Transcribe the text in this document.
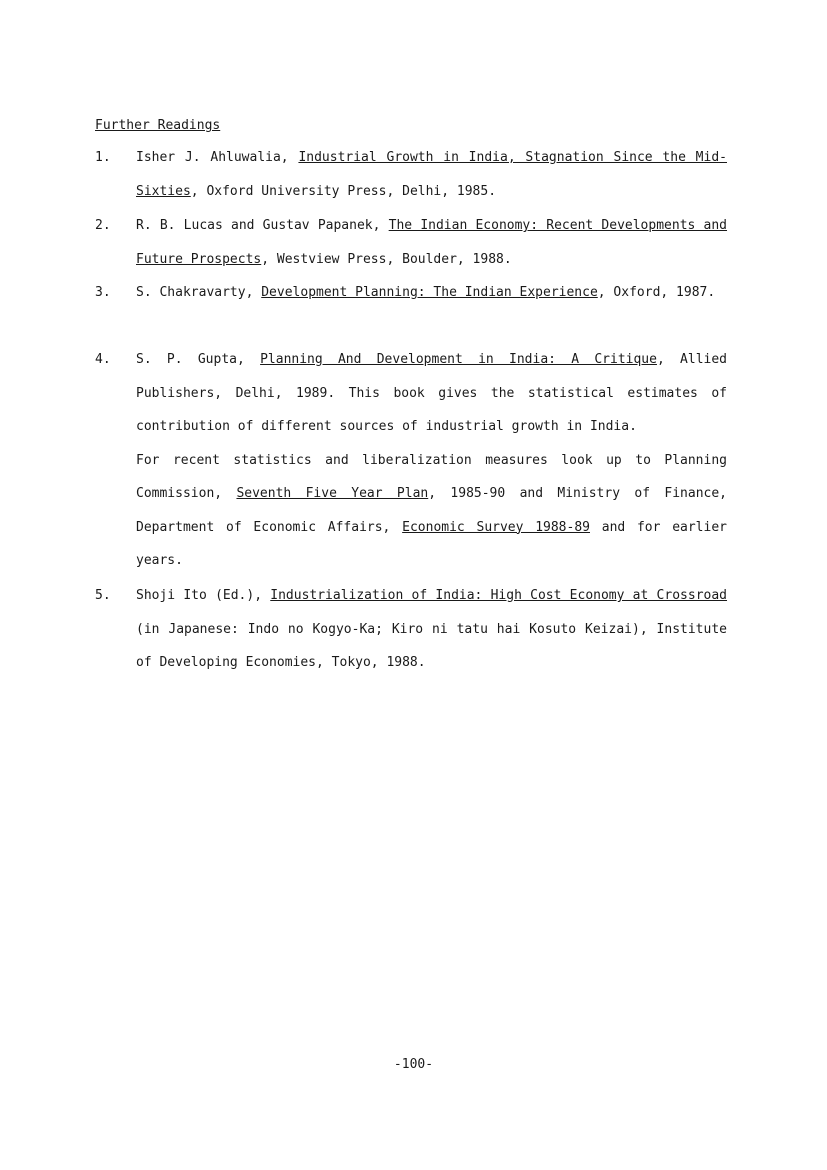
Further Readings
1. Isher J. Ahluwalia, Industrial Growth in India, Stagnation Since the Mid-Sixties, Oxford University Press, Delhi, 1985.
2. R. B. Lucas and Gustav Papanek, The Indian Economy: Recent Developments and Future Prospects, Westview Press, Boulder, 1988.
3. S. Chakravarty, Development Planning: The Indian Experience, Oxford, 1987.
4. S. P. Gupta, Planning And Development in India: A Critique, Allied Publishers, Delhi, 1989. This book gives the statistical estimates of contribution of different sources of industrial growth in India.
For recent statistics and liberalization measures look up to Planning Commission, Seventh Five Year Plan, 1985-90 and Ministry of Finance, Department of Economic Affairs, Economic Survey 1988-89 and for earlier years.
5. Shoji Ito (Ed.), Industrialization of India: High Cost Economy at Crossroad (in Japanese: Indo no Kogyo-Ka; Kiro ni tatu hai Kosuto Keizai), Institute of Developing Economies, Tokyo, 1988.
-100-
